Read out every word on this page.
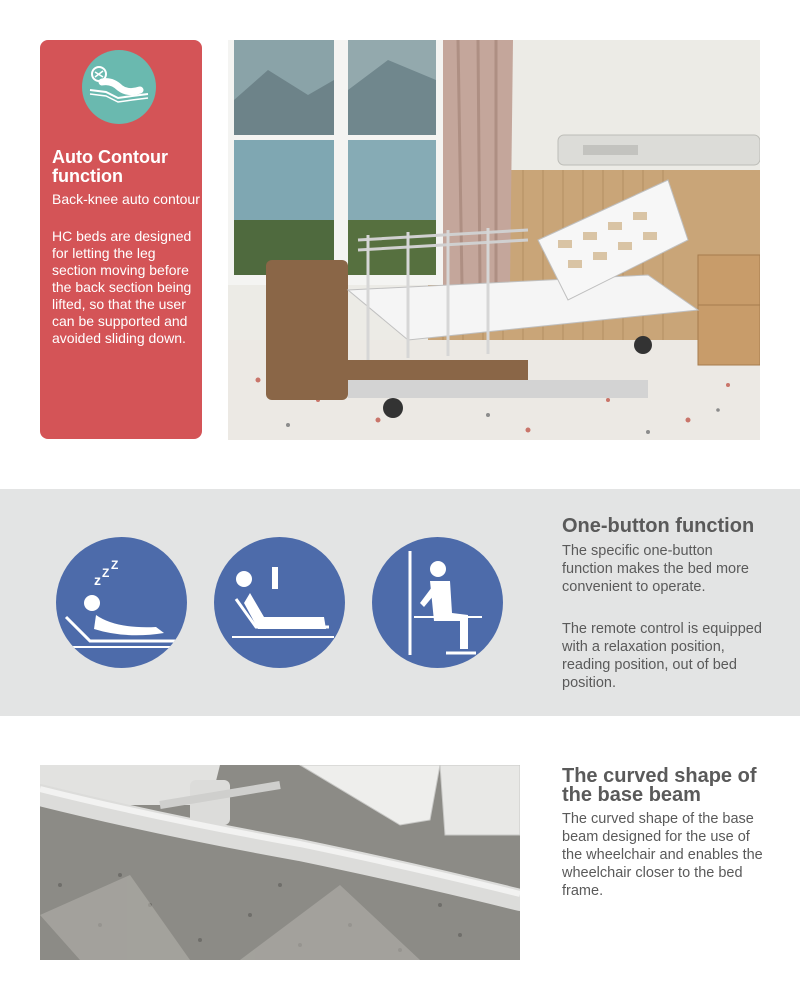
Auto Contour function
Back-knee auto contour
HC beds are designed for letting the leg section moving before the back section being lifted, so that the user can be supported and avoided sliding down.
z Z
Z
One-button function
The specific one-button function makes the bed more convenient to operate.
The remote control is equipped with a relaxation position, reading position, out of bed position.
The curved shape of the base beam
The curved shape of the base beam designed for the use of the wheelchair and enables the wheelchair closer to the bed frame.
